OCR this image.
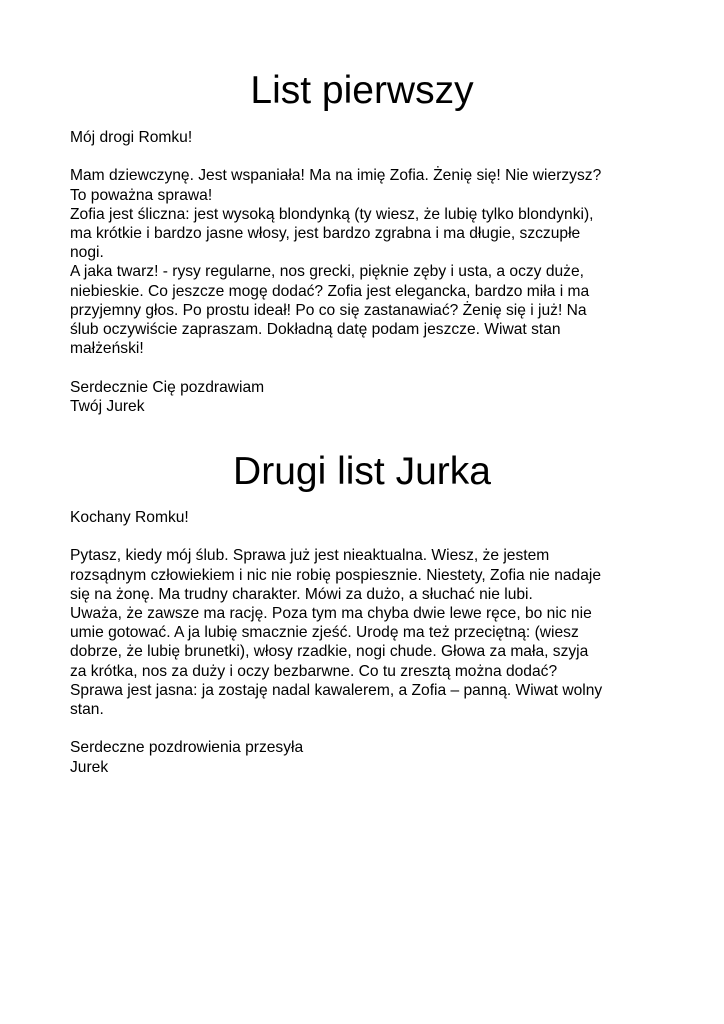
List pierwszy
Mój drogi Romku!
Mam dziewczynę. Jest wspaniała! Ma na imię Zofia. Żenię się! Nie wierzysz?
To poważna sprawa!
Zofia jest śliczna: jest wysoką blondynką (ty wiesz, że lubię tylko blondynki),
ma krótkie i bardzo jasne włosy, jest bardzo zgrabna i ma długie, szczupłe
nogi.
A jaka twarz! - rysy regularne, nos grecki, pięknie zęby i usta, a oczy duże,
niebieskie. Co jeszcze mogę dodać? Zofia jest elegancka, bardzo miła i ma
przyjemny głos. Po prostu ideał! Po co się zastanawiać? Żenię się i już! Na
ślub oczywiście zapraszam. Dokładną datę podam jeszcze. Wiwat stan
małżeński!
Serdecznie Cię pozdrawiam
Twój Jurek
Drugi list Jurka
Kochany Romku!
Pytasz, kiedy mój ślub. Sprawa już jest nieaktualna. Wiesz, że jestem
rozsądnym człowiekiem i nic nie robię pospiesznie. Niestety, Zofia nie nadaje
się na żonę. Ma trudny charakter. Mówi za dużo, a słuchać nie lubi.
Uważa, że zawsze ma rację. Poza tym ma chyba dwie lewe ręce, bo nic nie
umie gotować. A ja lubię smacznie zjeść. Urodę ma też przeciętną: (wiesz
dobrze, że lubię brunetki), włosy rzadkie, nogi chude. Głowa za mała, szyja
za krótka, nos za duży i oczy bezbarwne. Co tu zresztą można dodać?
Sprawa jest jasna: ja zostaję nadal kawalerem, a Zofia – panną. Wiwat wolny
stan.
Serdeczne pozdrowienia przesyła
Jurek
